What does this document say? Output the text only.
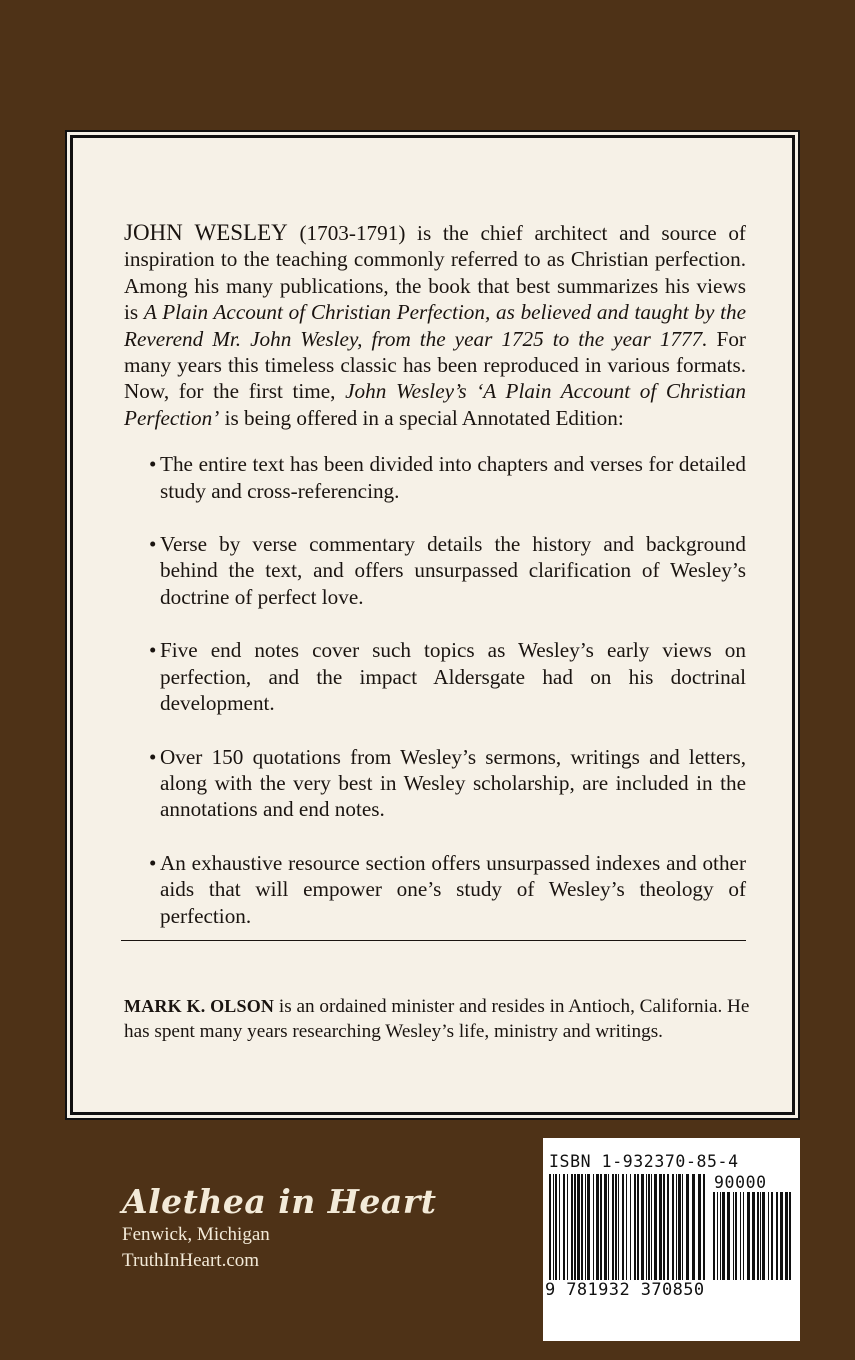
JOHN WESLEY (1703-1791) is the chief architect and source of inspiration to the teaching commonly referred to as Christian perfection. Among his many publications, the book that best summarizes his views is A Plain Account of Christian Perfection, as believed and taught by the Reverend Mr. John Wesley, from the year 1725 to the year 1777. For many years this timeless classic has been reproduced in various formats. Now, for the first time, John Wesley’s ‘A Plain Account of Christian Perfection’ is being offered in a special Annotated Edition:

• The entire text has been divided into chapters and verses for detailed study and cross-referencing.
• Verse by verse commentary details the history and background behind the text, and offers unsurpassed clarification of Wesley’s doctrine of perfect love.
• Five end notes cover such topics as Wesley’s early views on perfection, and the impact Aldersgate had on his doctrinal development.
• Over 150 quotations from Wesley’s sermons, writings and letters, along with the very best in Wesley scholarship, are included in the annotations and end notes.
• An exhaustive resource section offers unsurpassed indexes and other aids that will empower one’s study of Wesley’s theology of perfection.

MARK K. OLSON is an ordained minister and resides in Antioch, California. He has spent many years researching Wesley’s life, ministry and writings.

Alethea in Heart
Fenwick, Michigan
TruthInHeart.com
ISBN 1-932370-85-4
90000
9 781932 370850
